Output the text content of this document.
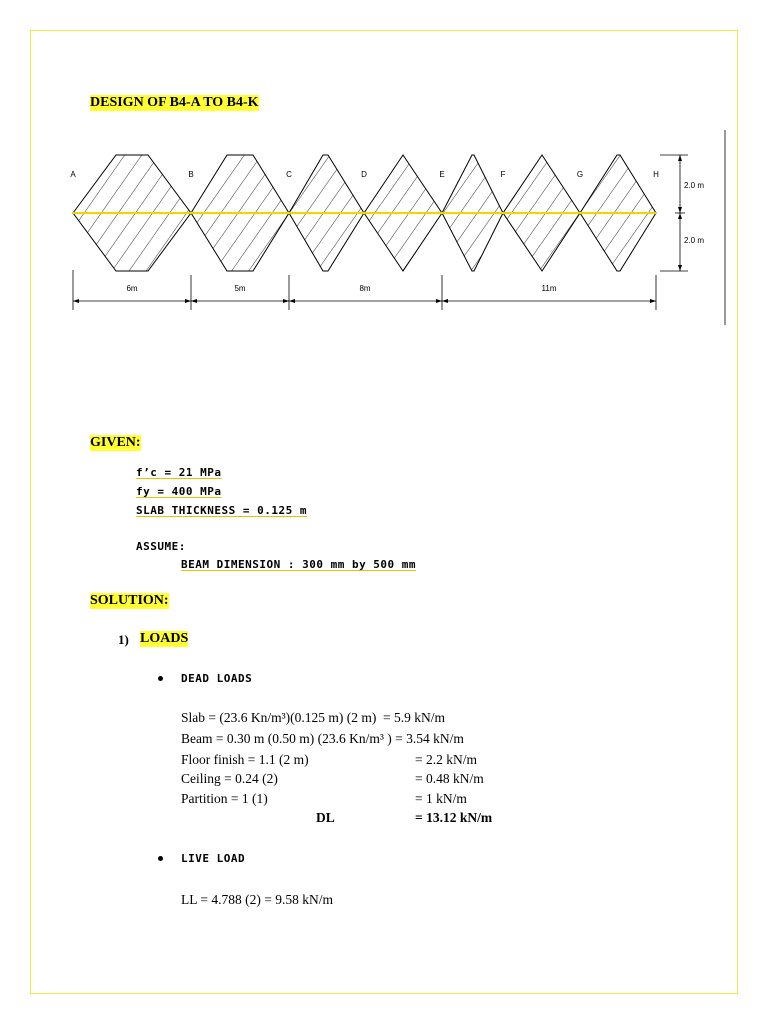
DESIGN OF B4-A TO B4-K
A	B	C	D	E	F	G	H
6m	5m	8m	11m
2.0 m
2.0 m
GIVEN:
f’c = 21 MPa
fy = 400 MPa
SLAB THICKNESS = 0.125 m
ASSUME:
BEAM DIMENSION : 300 mm by 500 mm
SOLUTION:
1) LOADS
DEAD LOADS
Slab = (23.6 Kn/m³)(0.125 m) (2 m) = 5.9 kN/m
Beam = 0.30 m (0.50 m) (23.6 Kn/m³ ) = 3.54 kN/m
Floor finish = 1.1 (2 m)	= 2.2 kN/m
Ceiling = 0.24 (2)	= 0.48 kN/m
Partition = 1 (1)	= 1 kN/m
DL	= 13.12 kN/m
LIVE LOAD
LL = 4.788 (2) = 9.58 kN/m
